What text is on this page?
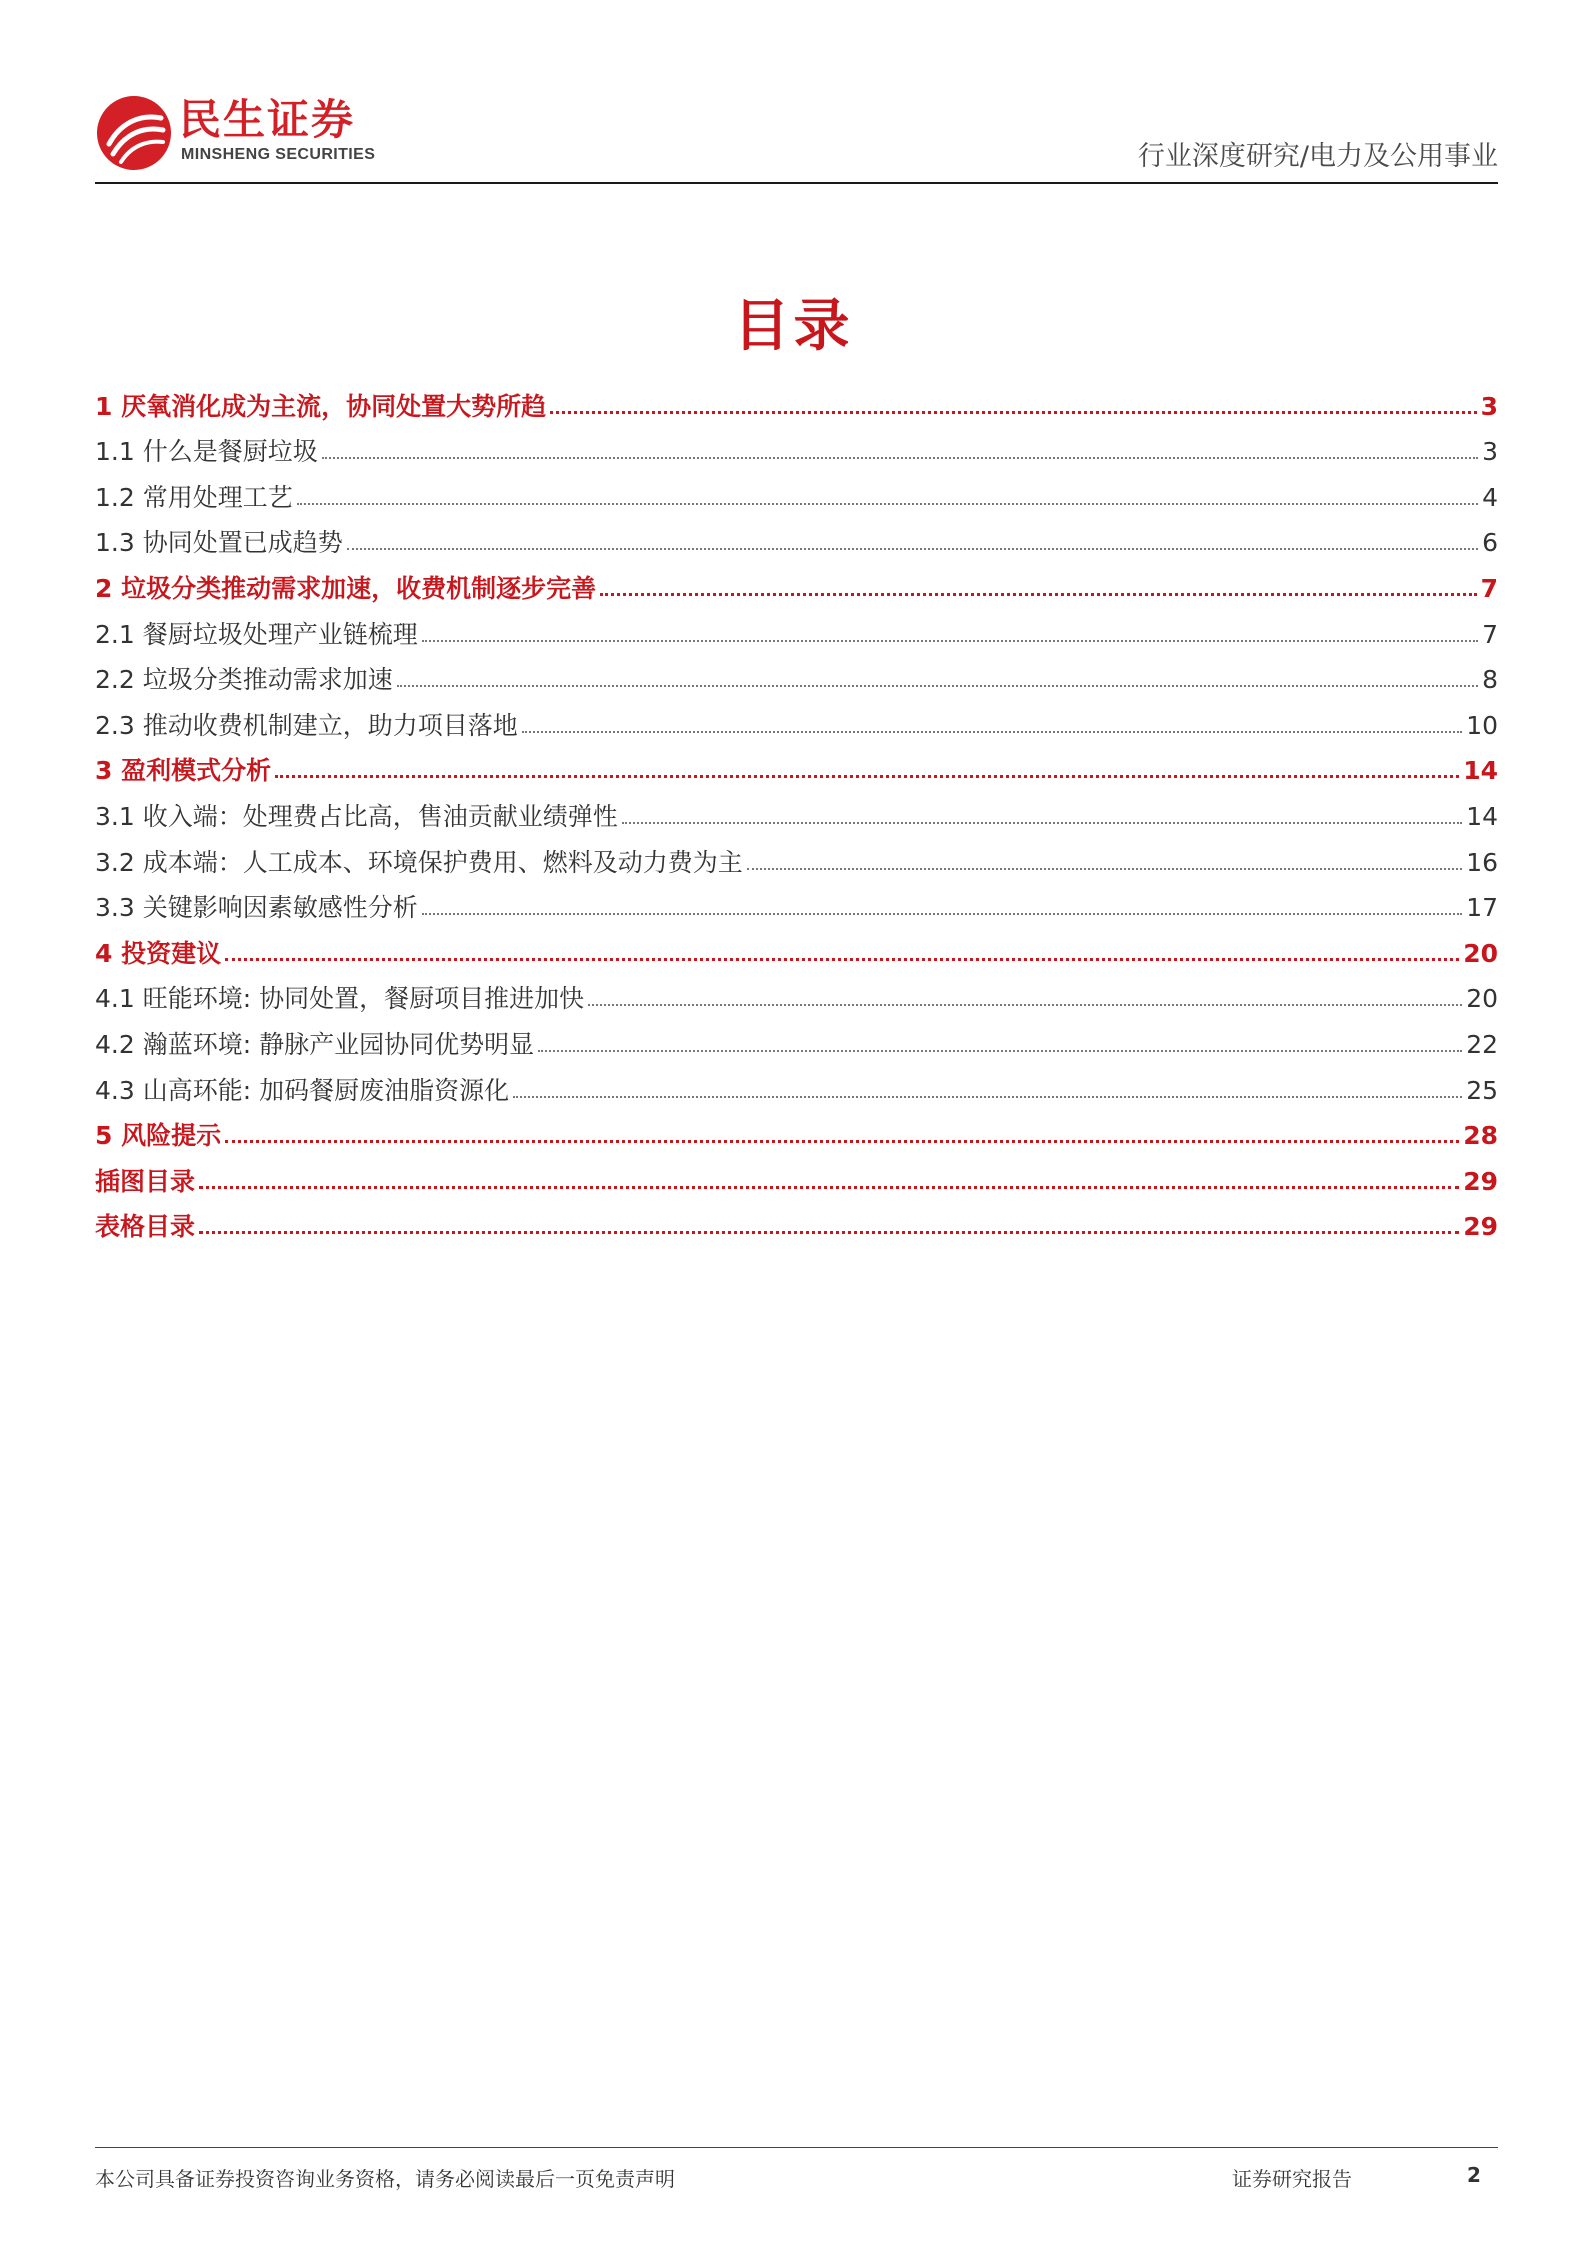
民生证券
MINSHENG SECURITIES	行业深度研究/电力及公用事业
目录
1 厌氧消化成为主流，协同处置大势所趋	3
1.1 什么是餐厨垃圾	3
1.2 常用处理工艺	4
1.3 协同处置已成趋势	6
2 垃圾分类推动需求加速，收费机制逐步完善	7
2.1 餐厨垃圾处理产业链梳理	7
2.2 垃圾分类推动需求加速	8
2.3 推动收费机制建立，助力项目落地	10
3 盈利模式分析	14
3.1 收入端：处理费占比高，售油贡献业绩弹性	14
3.2 成本端：人工成本、环境保护费用、燃料及动力费为主	16
3.3 关键影响因素敏感性分析	17
4 投资建议	20
4.1 旺能环境: 协同处置，餐厨项目推进加快	20
4.2 瀚蓝环境: 静脉产业园协同优势明显	22
4.3 山高环能: 加码餐厨废油脂资源化	25
5 风险提示	28
插图目录	29
表格目录	29
本公司具备证券投资咨询业务资格，请务必阅读最后一页免责声明	证券研究报告	2
